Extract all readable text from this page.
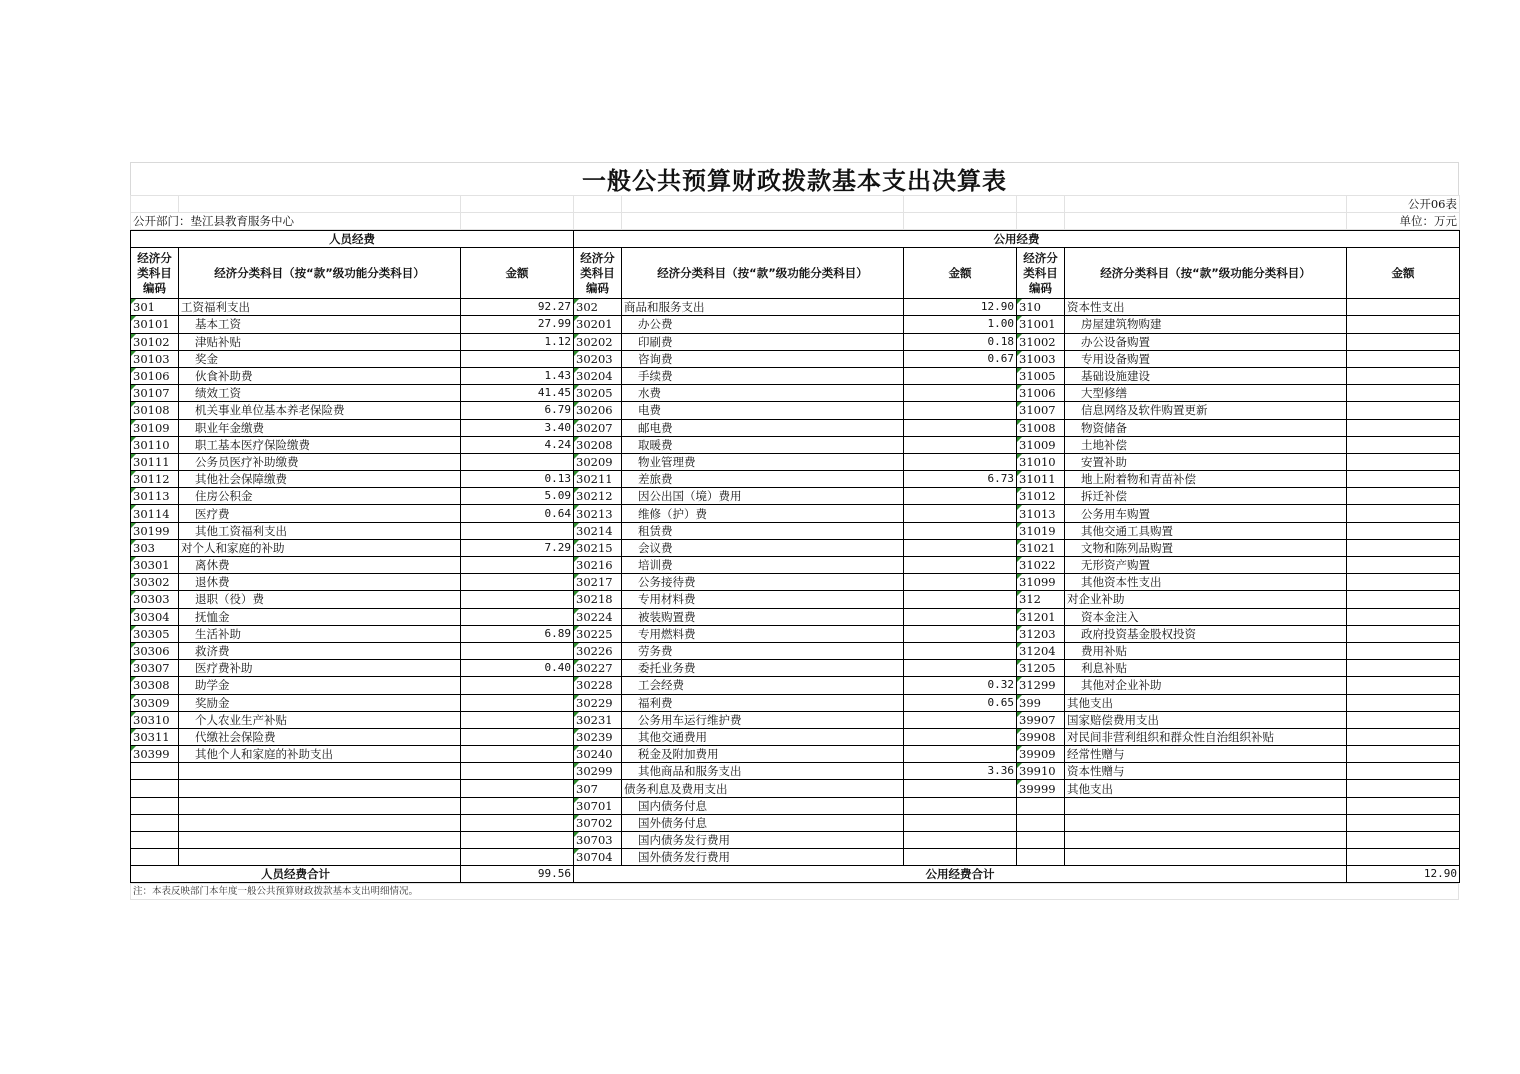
一般公共预算财政拨款基本支出决算表
								公开06表
公开部门：垫江县教育服务中心								单位：万元
人员经费			公用经费					
经济分类科目编码	经济分类科目（按“款”级功能分类科目）	金额	经济分类科目编码	经济分类科目（按“款”级功能分类科目）	金额	经济分类科目编码	经济分类科目（按“款”级功能分类科目）	金额
301	工资福利支出	92.27	302	商品和服务支出	12.90	310	资本性支出	
30101	基本工资	27.99	30201	办公费	1.00	31001	房屋建筑物购建	
30102	津贴补贴	1.12	30202	印刷费	0.18	31002	办公设备购置	
30103	奖金		30203	咨询费	0.67	31003	专用设备购置	
30106	伙食补助费	1.43	30204	手续费		31005	基础设施建设	
30107	绩效工资	41.45	30205	水费		31006	大型修缮	
30108	机关事业单位基本养老保险费	6.79	30206	电费		31007	信息网络及软件购置更新	
30109	职业年金缴费	3.40	30207	邮电费		31008	物资储备	
30110	职工基本医疗保险缴费	4.24	30208	取暖费		31009	土地补偿	
30111	公务员医疗补助缴费		30209	物业管理费		31010	安置补助	
30112	其他社会保障缴费	0.13	30211	差旅费	6.73	31011	地上附着物和青苗补偿	
30113	住房公积金	5.09	30212	因公出国（境）费用		31012	拆迁补偿	
30114	医疗费	0.64	30213	维修（护）费		31013	公务用车购置	
30199	其他工资福利支出		30214	租赁费		31019	其他交通工具购置	
303	对个人和家庭的补助	7.29	30215	会议费		31021	文物和陈列品购置	
30301	离休费		30216	培训费		31022	无形资产购置	
30302	退休费		30217	公务接待费		31099	其他资本性支出	
30303	退职（役）费		30218	专用材料费		312	对企业补助	
30304	抚恤金		30224	被装购置费		31201	资本金注入	
30305	生活补助	6.89	30225	专用燃料费		31203	政府投资基金股权投资	
30306	救济费		30226	劳务费		31204	费用补贴	
30307	医疗费补助	0.40	30227	委托业务费		31205	利息补贴	
30308	助学金		30228	工会经费	0.32	31299	其他对企业补助	
30309	奖励金		30229	福利费	0.65	399	其他支出	
30310	个人农业生产补贴		30231	公务用车运行维护费		39907	国家赔偿费用支出	
30311	代缴社会保险费		30239	其他交通费用		39908	对民间非营利组织和群众性自治组织补贴	
30399	其他个人和家庭的补助支出		30240	税金及附加费用		39909	经常性赠与	
			30299	其他商品和服务支出	3.36	39910	资本性赠与	
			307	债务利息及费用支出		39999	其他支出	
			30701	国内债务付息				
			30702	国外债务付息				
			30703	国内债务发行费用				
			30704	国外债务发行费用				
人员经费合计		99.56	公用经费合计					12.90
注：本表反映部门本年度一般公共预算财政拨款基本支出明细情况。
